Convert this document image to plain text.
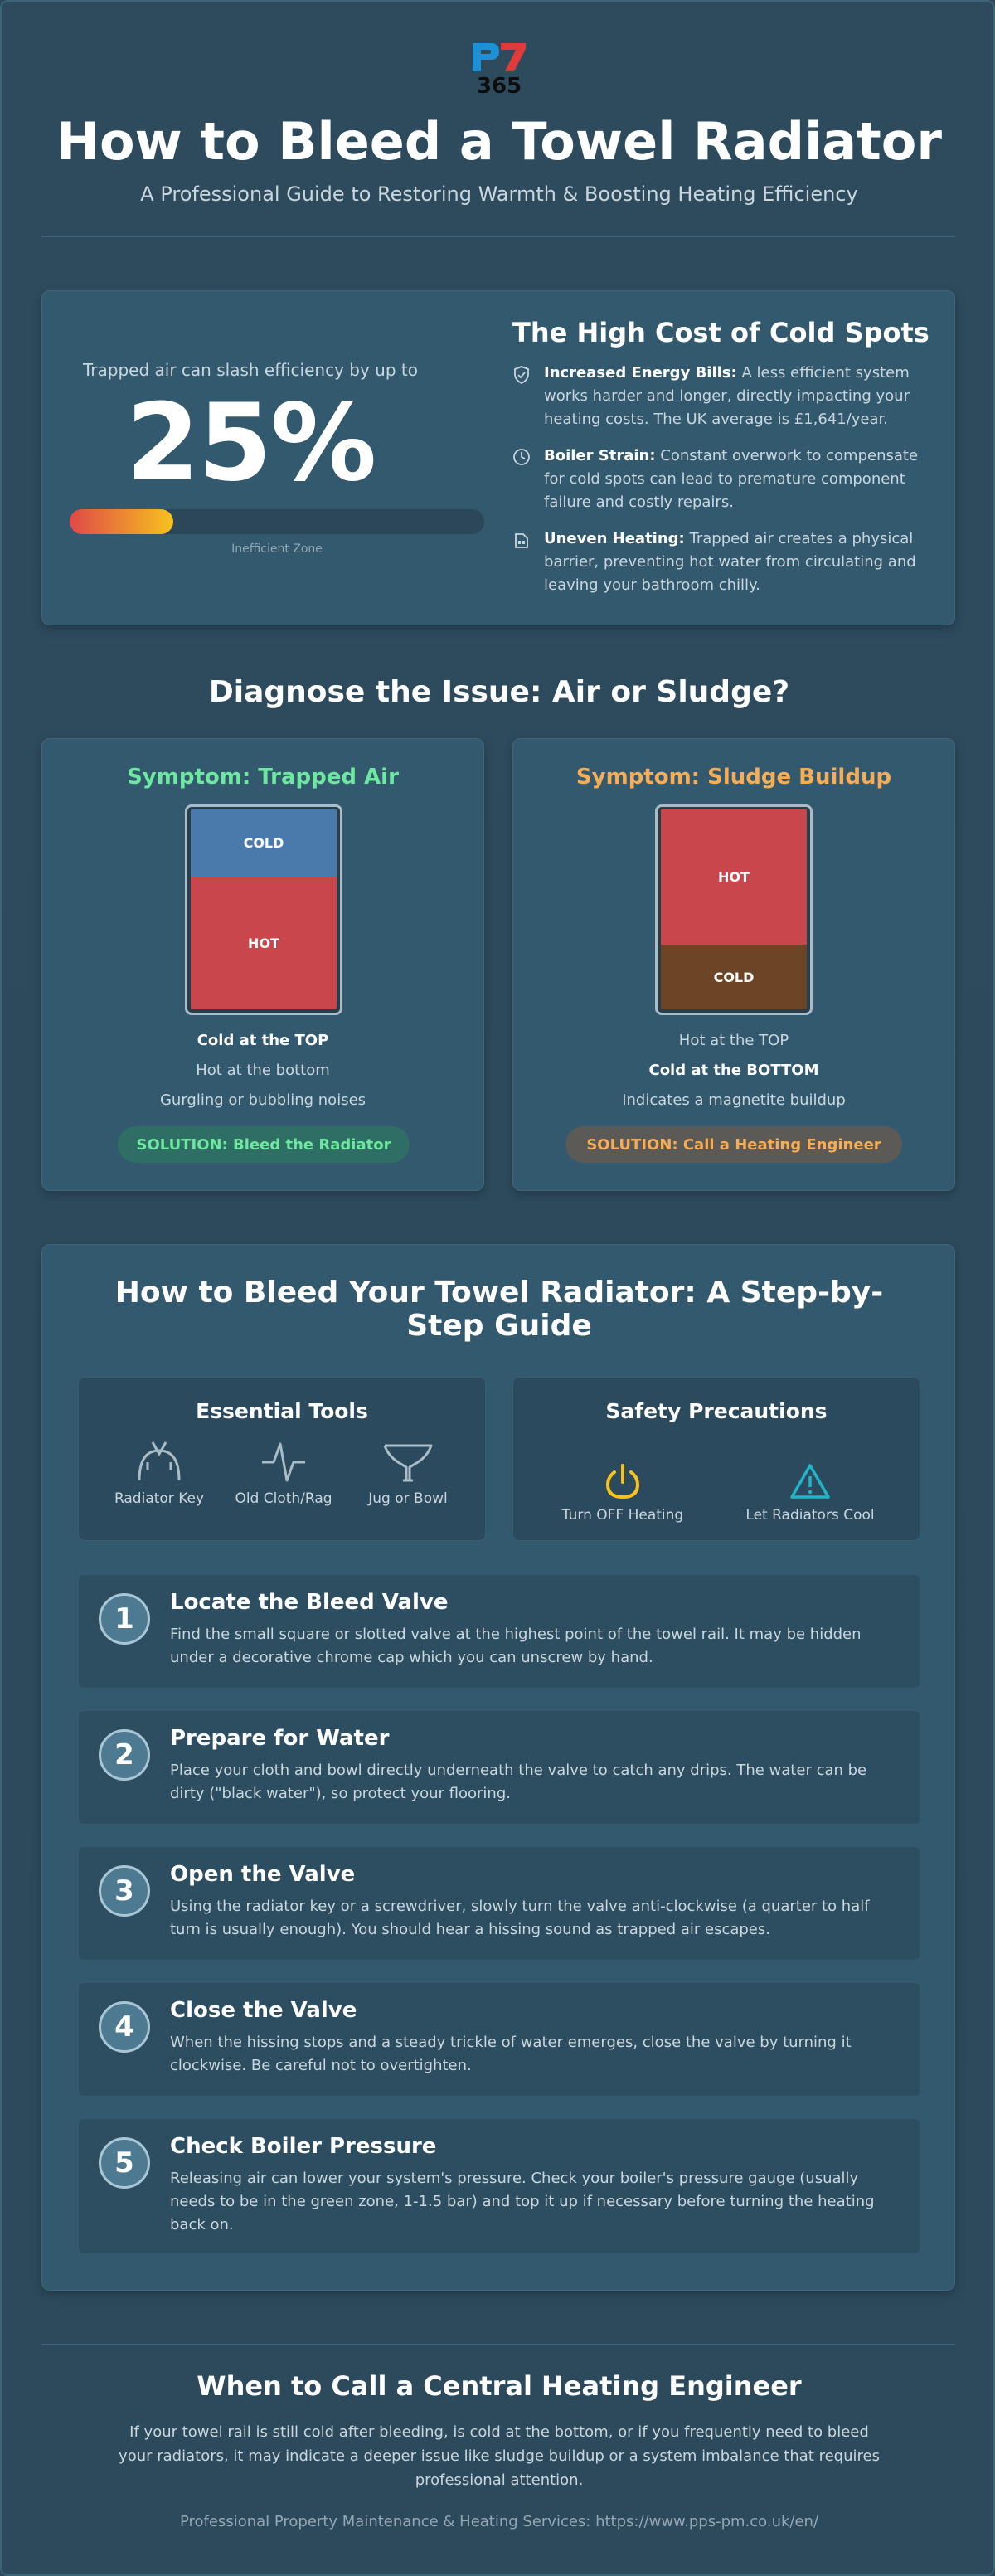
365
How to Bleed a Towel Radiator
A Professional Guide to Restoring Warmth & Boosting Heating Efficiency
Trapped air can slash efficiency by up to
25%
Inefficient Zone
The High Cost of Cold Spots
Increased Energy Bills: A less efficient system works harder and longer, directly impacting your heating costs. The UK average is £1,641/year.
Boiler Strain: Constant overwork to compensate for cold spots can lead to premature component failure and costly repairs.
Uneven Heating: Trapped air creates a physical barrier, preventing hot water from circulating and leaving your bathroom chilly.
Diagnose the Issue: Air or Sludge?
Symptom: Trapped Air
COLD
HOT
Cold at the TOP
Hot at the bottom
Gurgling or bubbling noises
SOLUTION: Bleed the Radiator
Symptom: Sludge Buildup
HOT
COLD
Hot at the TOP
Cold at the BOTTOM
Indicates a magnetite buildup
SOLUTION: Call a Heating Engineer
How to Bleed Your Towel Radiator: A Step-by-
Step Guide
Essential Tools
Radiator Key	Old Cloth/Rag	Jug or Bowl
Safety Precautions
Turn OFF Heating	Let Radiators Cool
1	Locate the Bleed Valve
Find the small square or slotted valve at the highest point of the towel rail. It may be hidden under a decorative chrome cap which you can unscrew by hand.
2	Prepare for Water
Place your cloth and bowl directly underneath the valve to catch any drips. The water can be dirty ("black water"), so protect your flooring.
3	Open the Valve
Using the radiator key or a screwdriver, slowly turn the valve anti-clockwise (a quarter to half turn is usually enough). You should hear a hissing sound as trapped air escapes.
4	Close the Valve
When the hissing stops and a steady trickle of water emerges, close the valve by turning it clockwise. Be careful not to overtighten.
5	Check Boiler Pressure
Releasing air can lower your system's pressure. Check your boiler's pressure gauge (usually needs to be in the green zone, 1-1.5 bar) and top it up if necessary before turning the heating back on.
When to Call a Central Heating Engineer
If your towel rail is still cold after bleeding, is cold at the bottom, or if you frequently need to bleed your radiators, it may indicate a deeper issue like sludge buildup or a system imbalance that requires professional attention.
Professional Property Maintenance & Heating Services: https://www.pps-pm.co.uk/en/
